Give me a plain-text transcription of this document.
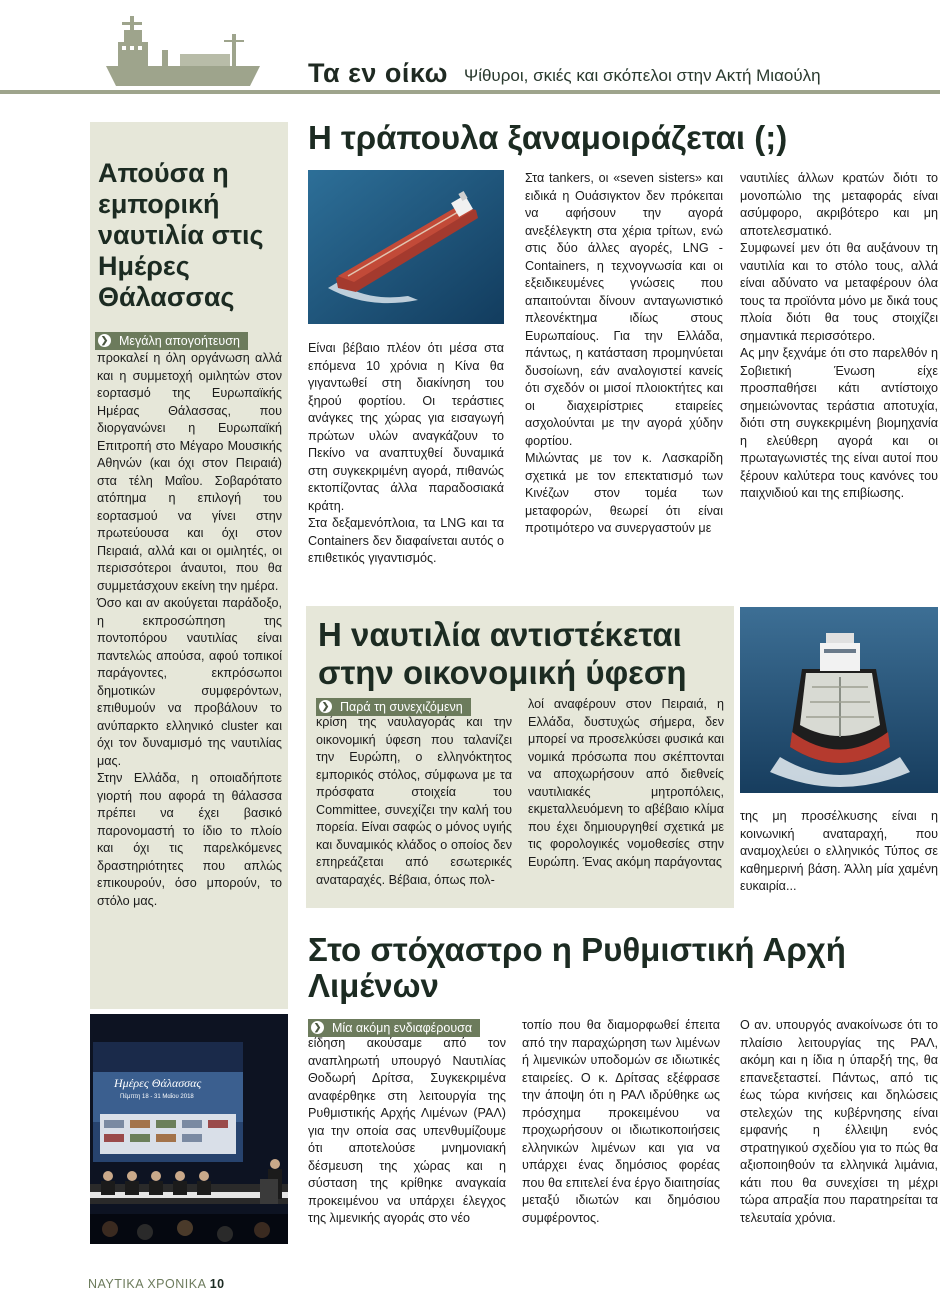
Τα εν οίκω Ψίθυροι, σκιές και σκόπελοι στην Ακτή Μιαούλη
Απούσα η εμπορική ναυτιλία στις Ημέρες Θάλασσας
❯ Μεγάλη απογοήτευση

προκαλεί η όλη οργάνωση αλλά και η συμμετοχή ομιλητών στον εορτασμό της Ευρωπαϊκής Ημέρας Θάλασσας, που διοργανώνει η Ευρωπαϊκή Επιτροπή στο Μέγαρο Μουσικής Αθηνών (και όχι στον Πειραιά) στα τέλη Μαΐου. Σοβαρότατο ατόπημα η επιλογή του εορτασμού να γίνει στην πρωτεύουσα και όχι στον Πειραιά, αλλά και οι ομιλητές, οι περισσότεροι άναυτοι, που θα συμμετάσχουν εκείνη την ημέρα.

Όσο και αν ακούγεται παράδοξο, η εκπροσώπηση της ποντοπόρου ναυτιλίας είναι παντελώς απούσα, αφού τοπικοί παράγοντες, εκπρόσωποι δημοτικών συμφερόντων, επιθυμούν να προβάλουν το ανύπαρκτο ελληνικό cluster και όχι τον δυναμισμό της ναυτιλίας μας.

Στην Ελλάδα, η οποιαδήποτε γιορτή που αφορά τη θάλασσα πρέπει να έχει βασικό παρονομαστή το ίδιο το πλοίο και όχι τις παρελκόμενες δραστηριότητες που απλώς επικουρούν, όσο μπορούν, το στόλο μας.

Ημέρες Θάλασσας
Πέμπτη 18 - 31 Μαΐου 2018
Η τράπουλα ξαναμοιράζεται (;)

Είναι βέβαιο πλέον ότι μέσα στα επόμενα 10 χρόνια η Κίνα θα γιγαντωθεί στη διακίνηση του ξηρού φορτίου. Οι τεράστιες ανάγκες της χώρας για εισαγωγή πρώτων υλών αναγκάζουν το Πεκίνο να αναπτυχθεί δυναμικά στη συγκεκριμένη αγορά, πιθανώς εκτοπίζοντας άλλα παραδοσιακά κράτη.

Στα δεξαμενόπλοια, τα LNG και τα Containers δεν διαφαίνεται αυτός ο επιθετικός γιγαντισμός.

Στα tankers, οι «seven sisters» και ειδικά η Ουάσιγκτον δεν πρόκειται να αφήσουν την αγορά ανεξέλεγκτη στα χέρια τρίτων, ενώ στις δύο άλλες αγορές, LNG - Containers, η τεχνογνωσία και οι εξειδικευμένες γνώσεις που απαιτούνται δίνουν ανταγωνιστικό πλεονέκτημα ιδίως στους Ευρωπαίους. Για την Ελλάδα, πάντως, η κατάσταση προμηνύεται δυσοίωνη, εάν αναλογιστεί κανείς ότι σχεδόν οι μισοί πλοιοκτήτες και οι διαχειρίστριες εταιρείες ασχολούνται με την αγορά χύδην φορτίου.

Μιλώντας με τον κ. Λασκαρίδη σχετικά με τον επεκτατισμό των Κινέζων στον τομέα των μεταφορών, θεωρεί ότι είναι προτιμότερο να συνεργαστούν με

ναυτιλίες άλλων κρατών διότι το μονοπώλιο της μεταφοράς είναι ασύμφορο, ακριβότερο και μη αποτελεσματικό.

Συμφωνεί μεν ότι θα αυξάνουν τη ναυτιλία και το στόλο τους, αλλά είναι αδύνατο να μεταφέρουν όλα τους τα προϊόντα μόνο με δικά τους πλοία διότι θα τους στοιχίζει σημαντικά περισσότερο.

Ας μην ξεχνάμε ότι στο παρελθόν η Σοβιετική Ένωση είχε προσπαθήσει κάτι αντίστοιχο σημειώνοντας τεράστια αποτυχία, διότι στη συγκεκριμένη βιομηχανία η ελεύθερη αγορά και οι πρωταγωνιστές της είναι αυτοί που ξέρουν καλύτερα τους κανόνες του παιχνιδιού και της επιβίωσης.

Η ναυτιλία αντιστέκεται
στην οικονομική ύφεση
❯ Παρά τη συνεχιζόμενη

κρίση της ναυλαγοράς και την οικονομική ύφεση που ταλανίζει την Ευρώπη, ο ελληνόκτητος εμπορικός στόλος, σύμφωνα με τα πρόσφατα στοιχεία του Committee, συνεχίζει την καλή του πορεία. Είναι σαφώς ο μόνος υγιής και δυναμικός κλάδος ο οποίος δεν επηρεάζεται από εσωτερικές αναταραχές. Βέβαια, όπως πολ-

λοί αναφέρουν στον Πειραιά, η Ελλάδα, δυστυχώς σήμερα, δεν μπορεί να προσελκύσει φυσικά και νομικά πρόσωπα που σκέπτονται να αποχωρήσουν από διεθνείς ναυτιλιακές μητροπόλεις, εκμεταλλευόμενη το αβέβαιο κλίμα που έχει δημιουργηθεί σχετικά με τις φορολογικές νομοθεσίες στην Ευρώπη. Ένας ακόμη παράγοντας

της μη προσέλκυσης είναι η κοινωνική αναταραχή, που αναμοχλεύει ο ελληνικός Τύπος σε καθημερινή βάση. Άλλη μία χαμένη ευκαιρία...

Στο στόχαστρο η Ρυθμιστική Αρχή Λιμένων
❯ Μία ακόμη ενδιαφέρουσα

είδηση ακούσαμε από τον αναπληρωτή υπουργό Ναυτιλίας Θοδωρή Δρίτσα, Συγκεκριμένα αναφέρθηκε στη λειτουργία της Ρυθμιστικής Αρχής Λιμένων (ΡΑΛ) για την οποία σας υπενθυμίζουμε ότι αποτελούσε μνημονιακή δέσμευση της χώρας και η σύσταση της κρίθηκε αναγκαία προκειμένου να υπάρχει έλεγχος της λιμενικής αγοράς στο νέο

τοπίο που θα διαμορφωθεί έπειτα από την παραχώρηση των λιμένων ή λιμενικών υποδομών σε ιδιωτικές εταιρείες. Ο κ. Δρίτσας εξέφρασε την άποψη ότι η ΡΑΛ ιδρύθηκε ως πρόσχημα προκειμένου να προχωρήσουν οι ιδιωτικοποιήσεις ελληνικών λιμένων και για να υπάρχει ένας δημόσιος φορέας που θα επιτελεί ένα έργο διαιτησίας μεταξύ ιδιωτών και δημόσιου συμφέροντος.

Ο αν. υπουργός ανακοίνωσε ότι το πλαίσιο λειτουργίας της ΡΑΛ, ακόμη και η ίδια η ύπαρξή της, θα επανεξεταστεί. Πάντως, από τις έως τώρα κινήσεις και δηλώσεις στελεχών της κυβέρνησης είναι εμφανής η έλλειψη ενός στρατηγικού σχεδίου για το πώς θα αξιοποιηθούν τα ελληνικά λιμάνια, κάτι που θα συνεχίσει τη μέχρι τώρα απραξία που παρατηρείται τα τελευταία χρόνια.

ΝΑΥΤΙΚΑ ΧΡΟΝΙΚΑ 10
